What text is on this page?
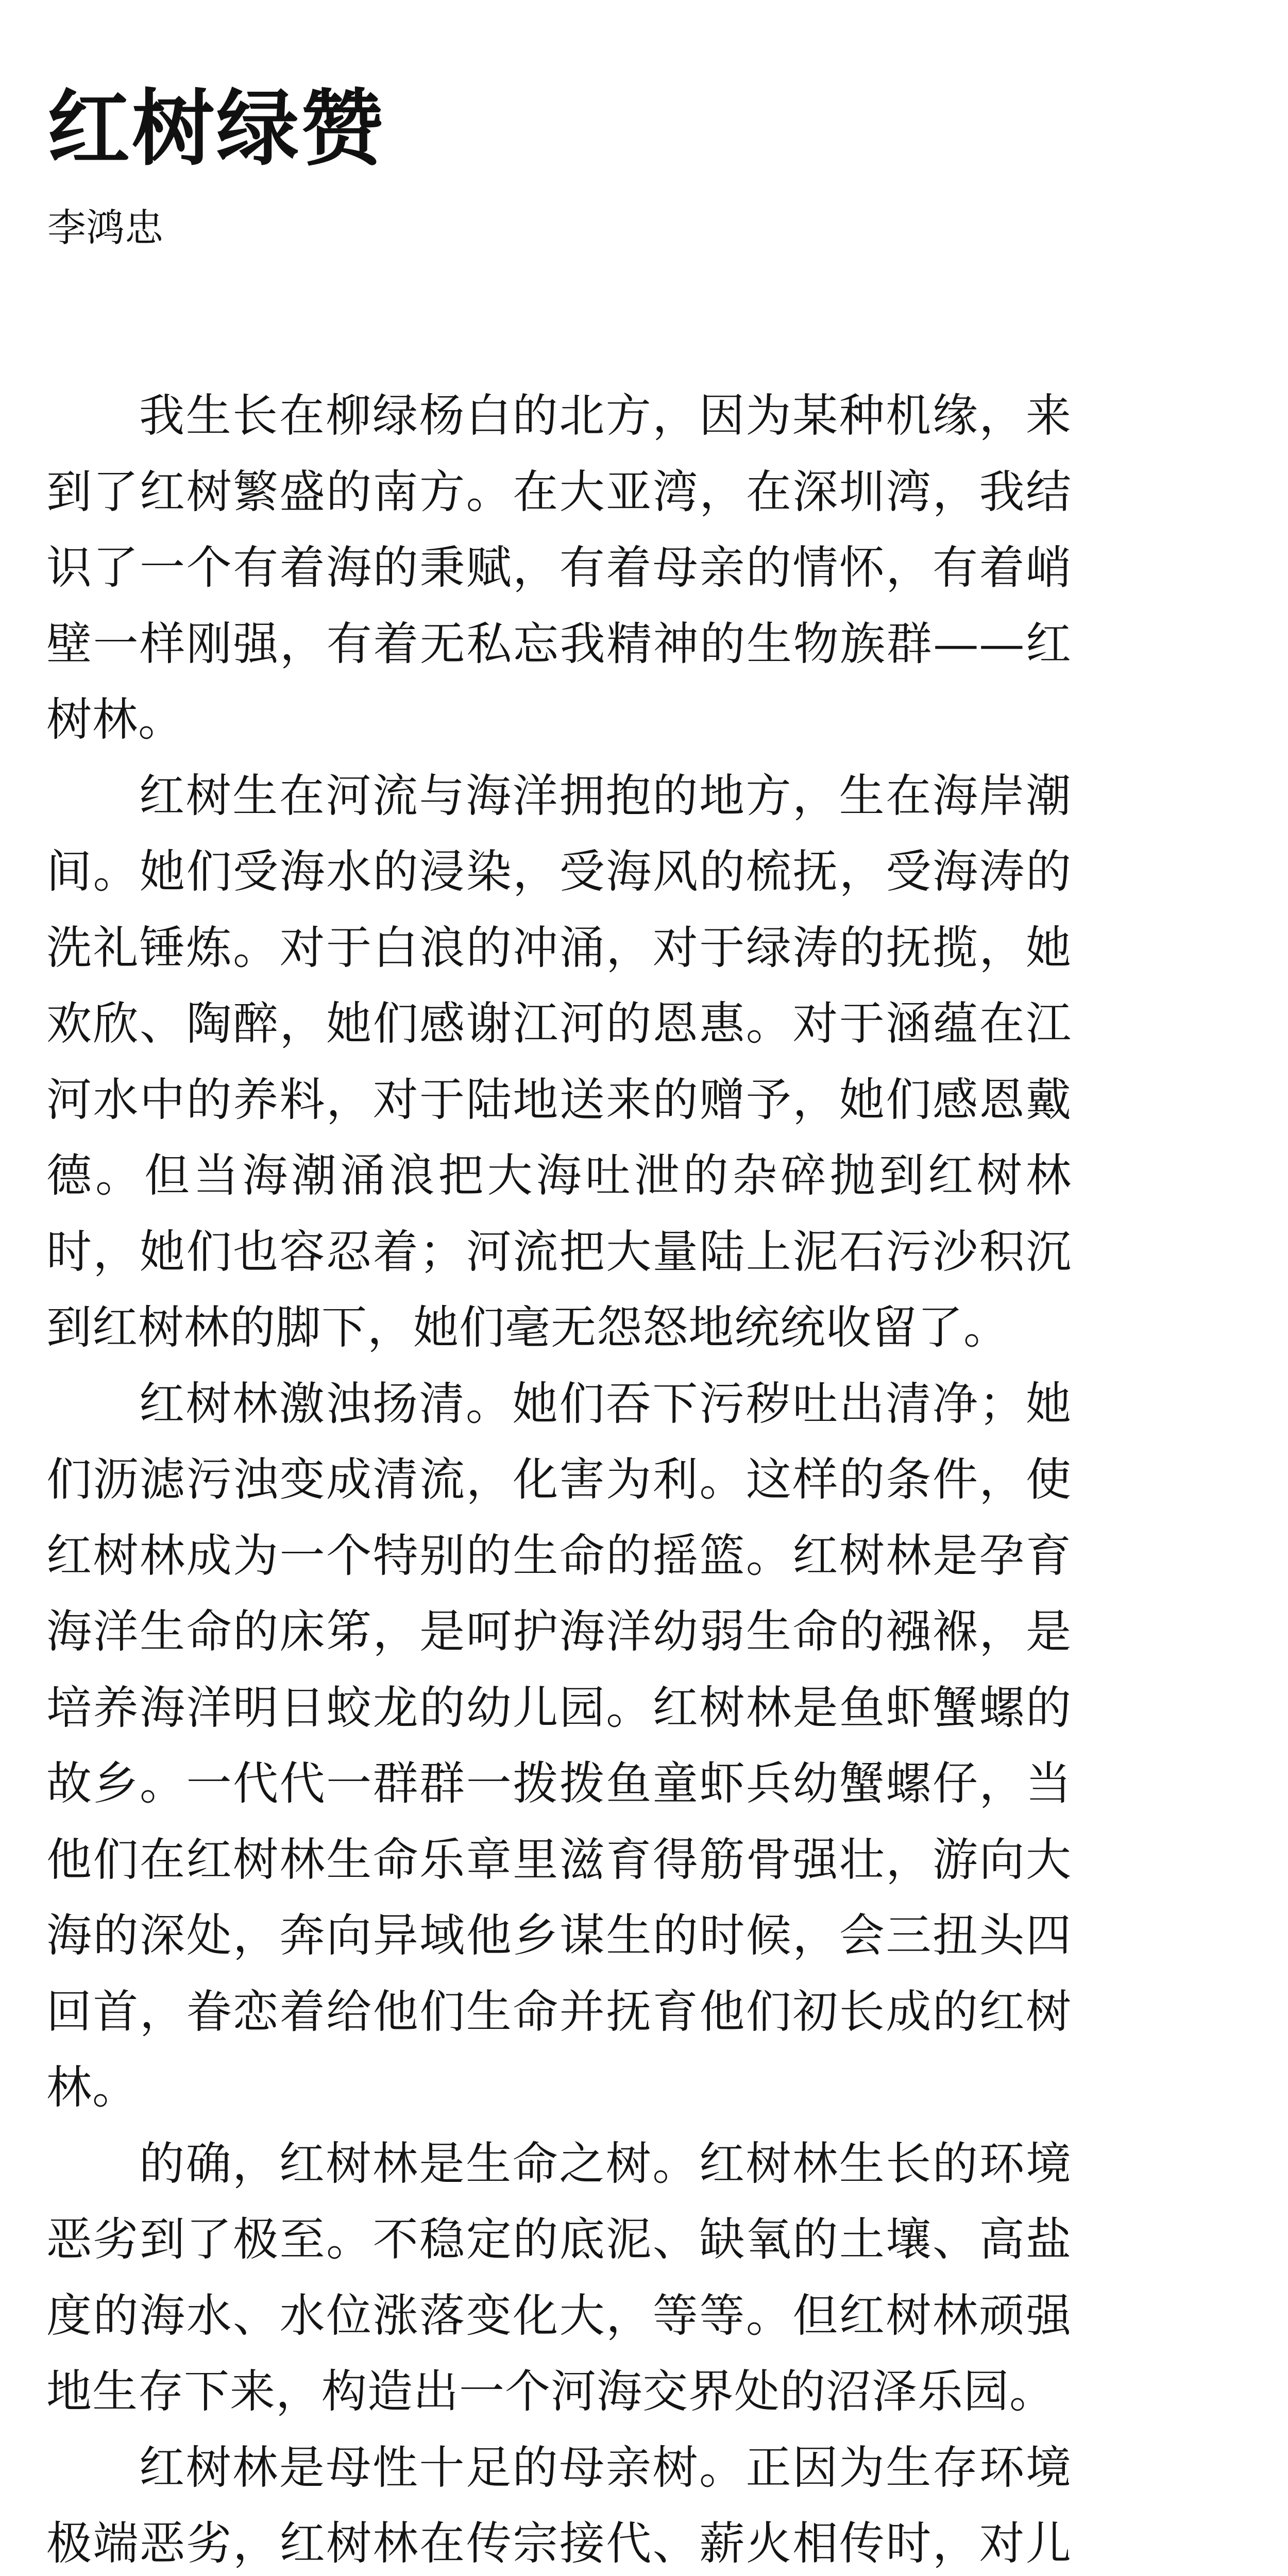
红树绿赞
李鸿忠

我生长在柳绿杨白的北方，因为某种机缘，来到了红树繁盛的南方。在大亚湾，在深圳湾，我结识了一个有着海的秉赋，有着母亲的情怀，有着峭壁一样刚强，有着无私忘我精神的生物族群——红树林。

红树生在河流与海洋拥抱的地方，生在海岸潮间。她们受海水的浸染，受海风的梳抚，受海涛的洗礼锤炼。对于白浪的冲涌，对于绿涛的抚揽，她欢欣、陶醉，她们感谢江河的恩惠。对于涵蕴在江河水中的养料，对于陆地送来的赠予，她们感恩戴德。但当海潮涌浪把大海吐泄的杂碎抛到红树林时，她们也容忍着；河流把大量陆上泥石污沙积沉到红树林的脚下，她们毫无怨怒地统统收留了。

红树林激浊扬清。她们吞下污秽吐出清净；她们沥滤污浊变成清流，化害为利。这样的条件，使红树林成为一个特别的生命的摇篮。红树林是孕育海洋生命的床笫，是呵护海洋幼弱生命的襁褓，是培养海洋明日蛟龙的幼儿园。红树林是鱼虾蟹螺的故乡。一代代一群群一拨拨鱼童虾兵幼蟹螺仔，当他们在红树林生命乐章里滋育得筋骨强壮，游向大海的深处，奔向异域他乡谋生的时候，会三扭头四回首，眷恋着给他们生命并抚育他们初长成的红树林。

的确，红树林是生命之树。红树林生长的环境恶劣到了极至。不稳定的底泥、缺氧的土壤、高盐度的海水、水位涨落变化大，等等。但红树林顽强地生存下来，构造出一个河海交界处的沼泽乐园。

红树林是母性十足的母亲树。正因为生存环境极端恶劣，红树林在传宗接代、薪火相传时，对儿
